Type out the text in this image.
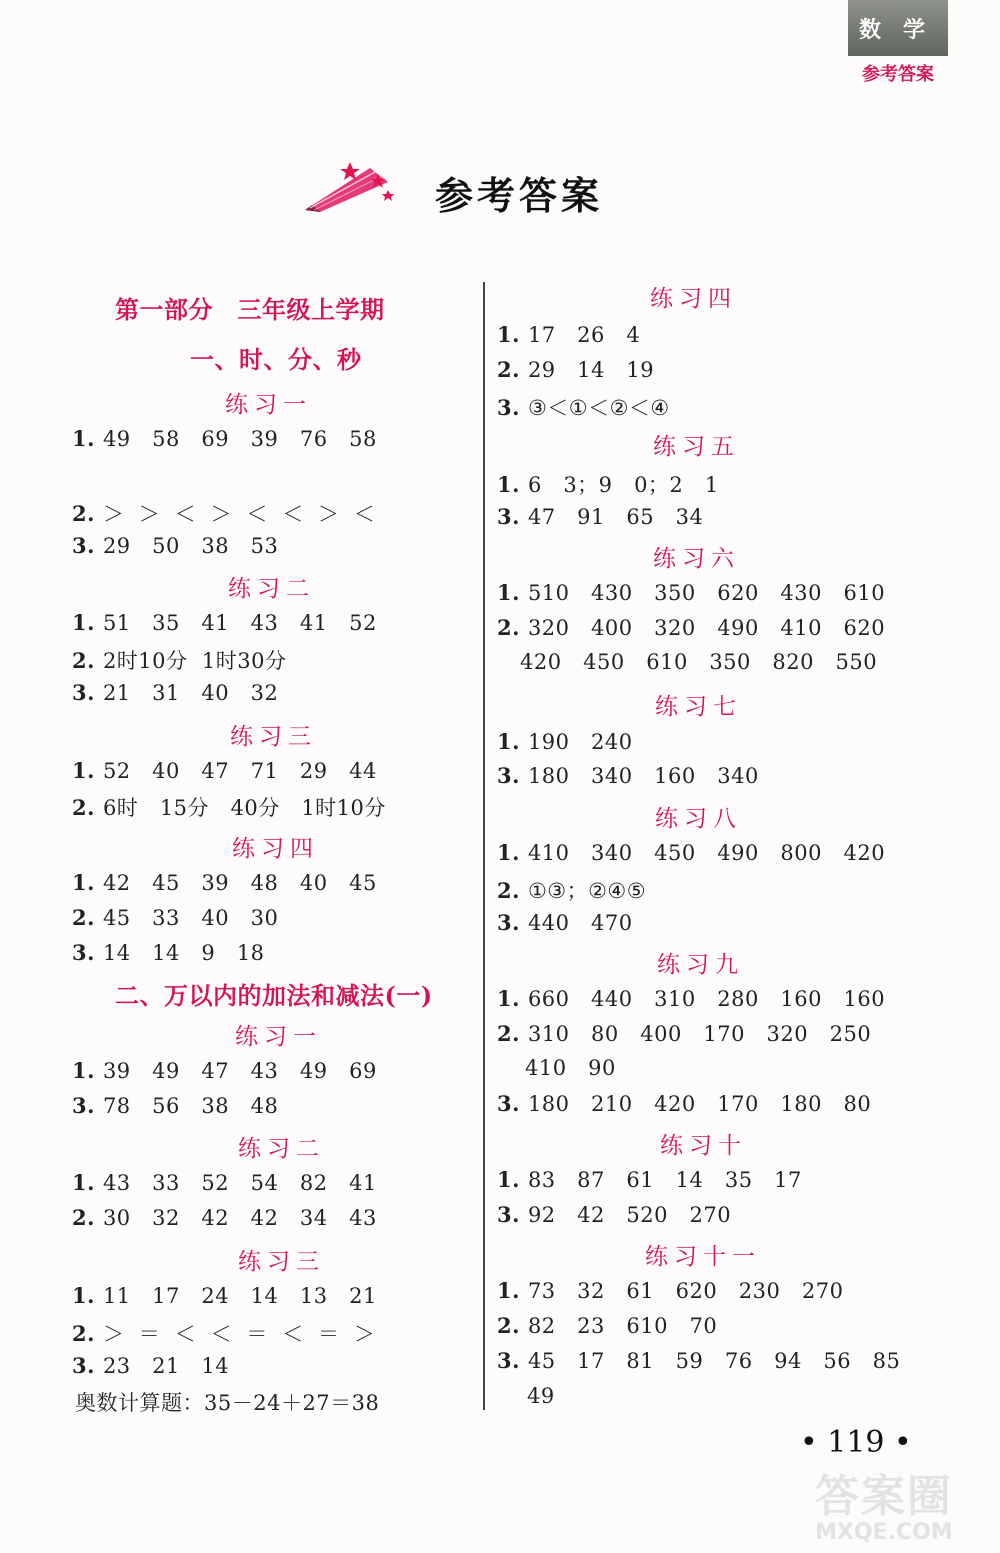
数学
参考答案
参考答案
第一部分　三年级上学期
一、时、分、秒
练习一
1. 49   58   69   39   76   58
2. ＞  ＞  ＜  ＞  ＜  ＜  ＞  ＜
3. 29   50   38   53
练习二
1. 51   35   41   43   41   52
2. 2时10分  1时30分
3. 21   31   40   32
练习三
1. 52   40   47   71   29   44
2. 6时   15分   40分   1时10分
练习四
1. 42   45   39   48   40   45
2. 45   33   40   30
3. 14   14   9   18
二、万以内的加法和减法(一)
练习一
1. 39   49   47   43   49   69
3. 78   56   38   48
练习二
1. 43   33   52   54   82   41
2. 30   32   42   42   34   43
练习三
1. 11   17   24   14   13   21
2. ＞  ＝  ＜  ＜  ＝  ＜  ＝  ＞
3. 23   21   14
奥数计算题：35－24＋27＝38
练习四
1. 17   26   4
2. 29   14   19
3. ③＜①＜②＜④
练习五
1. 6   3；9   0；2   1
3. 47   91   65   34
练习六
1. 510   430   350   620   430   610
2. 320   400   320   490   410   620
420   450   610   350   820   550
练习七
1. 190   240
3. 180   340   160   340
练习八
1. 410   340   450   490   800   420
2. ①③；②④⑤
3. 440   470
练习九
1. 660   440   310   280   160   160
2. 310   80   400   170   320   250
410   90
3. 180   210   420   170   180   80
练习十
1. 83   87   61   14   35   17
3. 92   42   520   270
练习十一
1. 73   32   61   620   230   270
2. 82   23   610   70
3. 45   17   81   59   76   94   56   85
49
• 119 •
答案圈
MXQE.COM
